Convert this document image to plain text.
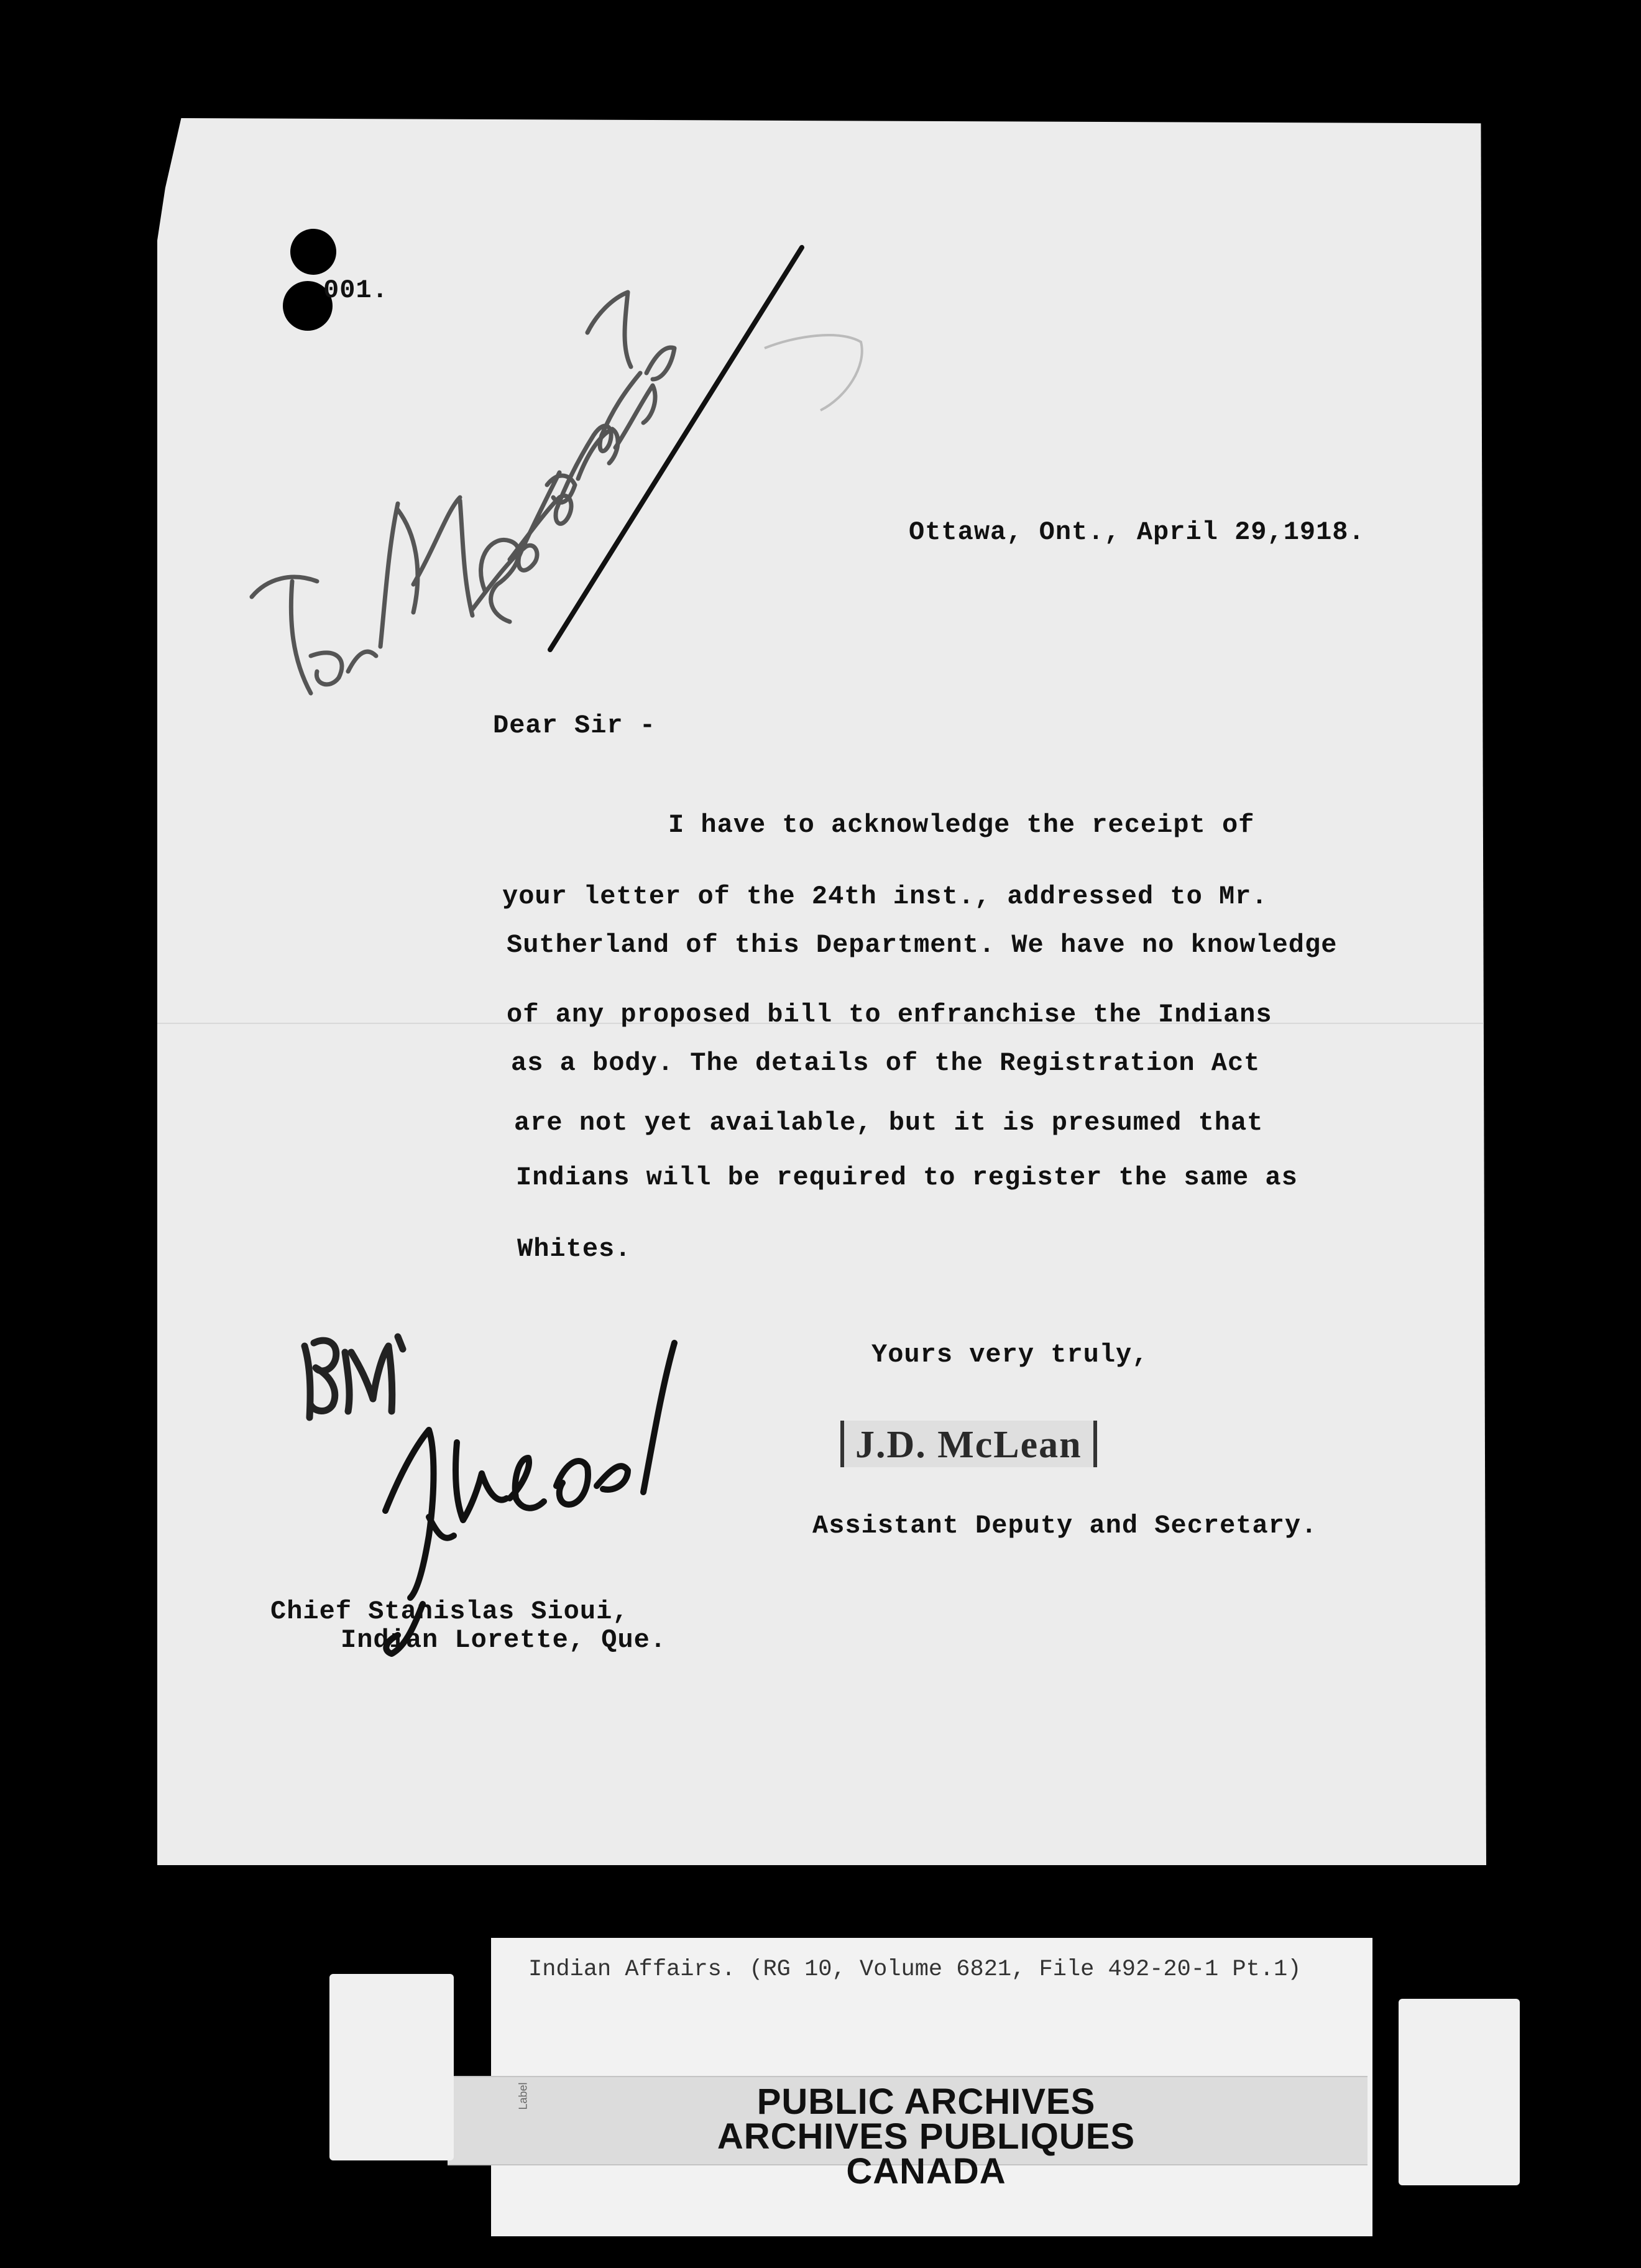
001.
Ottawa, Ont., April 29,1918.
Dear Sir -
I have to acknowledge the receipt of
your letter of the 24th inst., addressed to Mr.
Sutherland of this Department. We have no knowledge
of any proposed bill to enfranchise the Indians
as a body. The details of the Registration Act
are not yet available, but it is presumed that
Indians will be required to register the same as
Whites.
Yours very truly,
J.D. McLean
Assistant Deputy and Secretary.
Chief Stanislas Sioui,
Indian Lorette, Que.
Indian Affairs. (RG 10, Volume 6821, File 492-20-1 Pt.1)
Label	PUBLIC ARCHIVES
ARCHIVES PUBLIQUES
CANADA
